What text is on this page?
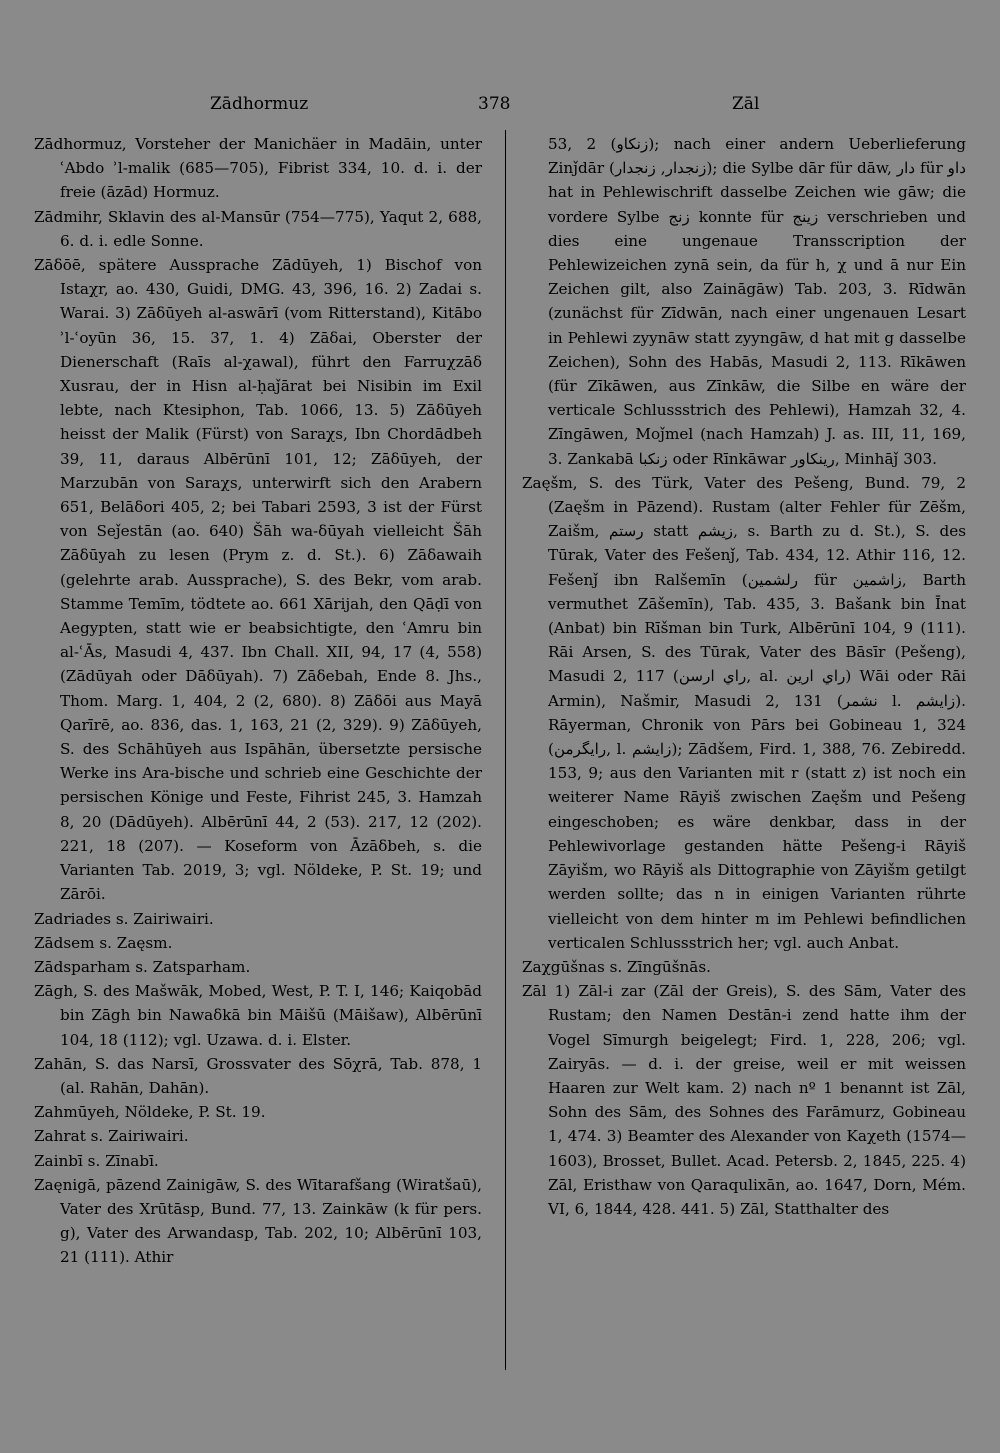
Zādhormuz	378	Zāl

Zādhormuz, Vorsteher der Manichäer in Madāin, unter ʿAbdo ʾl-malik (685—705), Fibrist 334, 10. d. i. der freie (āzād) Hormuz.

Zādmihr, Sklavin des al-Mansūr (754—775), Yaqut 2, 688, 6. d. i. edle Sonne.

Zāδōē, spätere Aussprache Zādūyeh, 1) Bischof von Istaχr, ao. 430, Guidi, DMG. 43, 396, 16. 2) Zadai s. Warai. 3) Zāδūyeh al-aswārī (vom Ritterstand), Kitābo ʾl-ʿoyūn 36, 15. 37, 1. 4) Zāδai, Oberster der Dienerschaft (Raīs al-χawal), führt den Farruχzāδ Xusrau, der in Hisn al-ḥaǰārat bei Nisibin im Exil lebte, nach Ktesiphon, Tab. 1066, 13. 5) Zāδūyeh heisst der Malik (Fürst) von Saraχs, Ibn Chordādbeh 39, 11, daraus Albērūnī 101, 12; Zāδūyeh, der Marzubān von Saraχs, unterwirft sich den Arabern 651, Belāδori 405, 2; bei Tabari 2593, 3 ist der Fürst von Seǰestān (ao. 640) Šāh wa-δūyah vielleicht Šāh Zāδūyah zu lesen (Prym z. d. St.). 6) Zāδawaih (gelehrte arab. Aussprache), S. des Bekr, vom arab. Stamme Temīm, tödtete ao. 661 Xārijah, den Qāḍī von Aegypten, statt wie er beabsichtigte, den ʿAmru bin al-ʿĀs, Masudi 4, 437. Ibn Chall. XII, 94, 17 (4, 558) (Zādūyah oder Dāδūyah). 7) Zāδebah, Ende 8. Jhs., Thom. Marg. 1, 404, 2 (2, 680). 8) Zāδōi aus Mayā Qarīrē, ao. 836, das. 1, 163, 21 (2, 329). 9) Zāδūyeh, S. des Schāhūyeh aus Ispāhān, übersetzte persische Werke ins Ara-bische und schrieb eine Geschichte der persischen Könige und Feste, Fihrist 245, 3. Hamzah 8, 20 (Dādūyeh). Albērūnī 44, 2 (53). 217, 12 (202). 221, 18 (207). — Koseform von Āzāδbeh, s. die Varianten Tab. 2019, 3; vgl. Nöldeke, P. St. 19; und Zārōi.

Zadriades s. Zairiwairi.

Zādsem s. Zaęsm.

Zādsparham s. Zatsparham.

Zāgh, S. des Mašwāk, Mobed, West, P. T. I, 146; Kaiqobād bin Zāgh bin Nawaδkā bin Māišū (Māišaw), Albērūnī 104, 18 (112); vgl. Uzawa. d. i. Elster.

Zahān, S. das Narsī, Grossvater des Sōχrā, Tab. 878, 1 (al. Rahān, Dahān).

Zahmūyeh, Nöldeke, P. St. 19.

Zahrat s. Zairiwairi.

Zainbī s. Zīnabī.

Zaęnigā, pāzend Zainigāw, S. des Wītarafšang (Wiratšaū), Vater des Xrūtāsp, Bund. 77, 13. Zainkāw (k für pers. g), Vater des Arwandasp, Tab. 202, 10; Albērūnī 103, 21 (111). Athir

53, 2 (زنكاو); nach einer andern Ueberlieferung Zinǰdār (زنجدار, زنجدار); die Sylbe dār für dāw, دار für داو hat in Pehlewischrift dasselbe Zeichen wie gāw; die vordere Sylbe زنج konnte für زينج verschrieben und dies eine ungenaue Transscription der Pehlewizeichen zynā sein, da für h, χ und ā nur Ein Zeichen gilt, also Zaināgāw) Tab. 203, 3. Rīdwān (zunächst für Zīdwān, nach einer ungenauen Lesart in Pehlewi zyynāw statt zyyngāw, d hat mit g dasselbe Zeichen), Sohn des Habās, Masudi 2, 113. Rīkāwen (für Zīkāwen, aus Zīnkāw, die Silbe en wäre der verticale Schlussstrich des Pehlewi), Hamzah 32, 4. Zīngāwen, Moǰmel (nach Hamzah) J. as. III, 11, 169, 3. Zankabā زنكبا oder Rīnkāwar رينكاور, Minhāǰ 303.

Zaęšm, S. des Türk, Vater des Pešeng, Bund. 79, 2 (Zaęšm in Pāzend). Rustam (alter Fehler für Zēšm, Zaišm, رستم statt زيشم, s. Barth zu d. St.), S. des Tūrak, Vater des Fešenǰ, Tab. 434, 12. Athir 116, 12. Fešenǰ ibn Ralšemīn (رلشمين für زاشمين, Barth vermuthet Zāšemīn), Tab. 435, 3. Bašank bin Īnat (Anbat) bin Rīšman bin Turk, Albērūnī 104, 9 (111). Rāi Arsen, S. des Tūrak, Vater des Bāsīr (Pešeng), Masudi 2, 117 (راي ارسن, al. راي ارين) Wāi oder Rāi Armin), Našmir, Masudi 2, 131 (نشمر l. زايشم). Rāyerman, Chronik von Pārs bei Gobineau 1, 324 (رايگرمن, l. زايشم); Zādšem, Fird. 1, 388, 76. Zebiredd. 153, 9; aus den Varianten mit r (statt z) ist noch ein weiterer Name Rāyiš zwischen Zaęšm und Pešeng eingeschoben; es wäre denkbar, dass in der Pehlewivorlage gestanden hätte Pešeng-i Rāyiš Zāyišm, wo Rāyiš als Dittographie von Zāyišm getilgt werden sollte; das n in einigen Varianten rührte vielleicht von dem hinter m im Pehlewi befindlichen verticalen Schlussstrich her; vgl. auch Anbat.

Zaχgūšnas s. Zīngūšnās.

Zāl 1) Zāl-i zar (Zāl der Greis), S. des Sām, Vater des Rustam; den Namen Destān-i zend hatte ihm der Vogel Sīmurgh beigelegt; Fird. 1, 228, 206; vgl. Zairyās. — d. i. der greise, weil er mit weissen Haaren zur Welt kam. 2) nach nº 1 benannt ist Zāl, Sohn des Sām, des Sohnes des Farāmurz, Gobineau 1, 474. 3) Beamter des Alexander von Kaχeth (1574—1603), Brosset, Bullet. Acad. Petersb. 2, 1845, 225. 4) Zāl, Eristhaw von Qaraqulixān, ao. 1647, Dorn, Mém. VI, 6, 1844, 428. 441. 5) Zāl, Statthalter des
